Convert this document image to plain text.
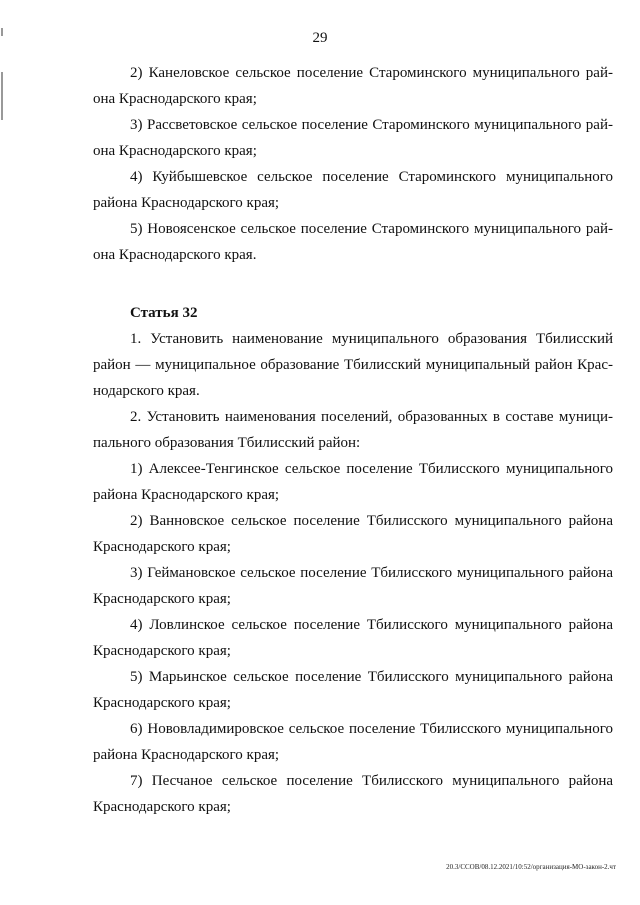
29
2) Канеловское сельское поселение Староминского муниципального рай-
она Краснодарского края;
3) Рассветовское сельское поселение Староминского муниципального рай-
она Краснодарского края;
4) Куйбышевское сельское поселение Староминского муниципального
района Краснодарского края;
5) Новоясенское сельское поселение Староминского муниципального рай-
она Краснодарского края.
Статья 32
1. Установить наименование муниципального образования Тбилисский
район — муниципальное образование Тбилисский муниципальный район Крас-
нодарского края.
2. Установить наименования поселений, образованных в составе муници-
пального образования Тбилисский район:
1) Алексее-Тенгинское сельское поселение Тбилисского муниципального
района Краснодарского края;
2) Ванновское сельское поселение Тбилисского муниципального района
Краснодарского края;
3) Геймановское сельское поселение Тбилисского муниципального района
Краснодарского края;
4) Ловлинское сельское поселение Тбилисского муниципального района
Краснодарского края;
5) Марьинское сельское поселение Тбилисского муниципального района
Краснодарского края;
6) Нововладимировское сельское поселение Тбилисского муниципального
района Краснодарского края;
7) Песчаное сельское поселение Тбилисского муниципального района
Краснодарского края;
20.3/ССОВ/08.12.2021/10:52/организация-МО-закон-2.чт
